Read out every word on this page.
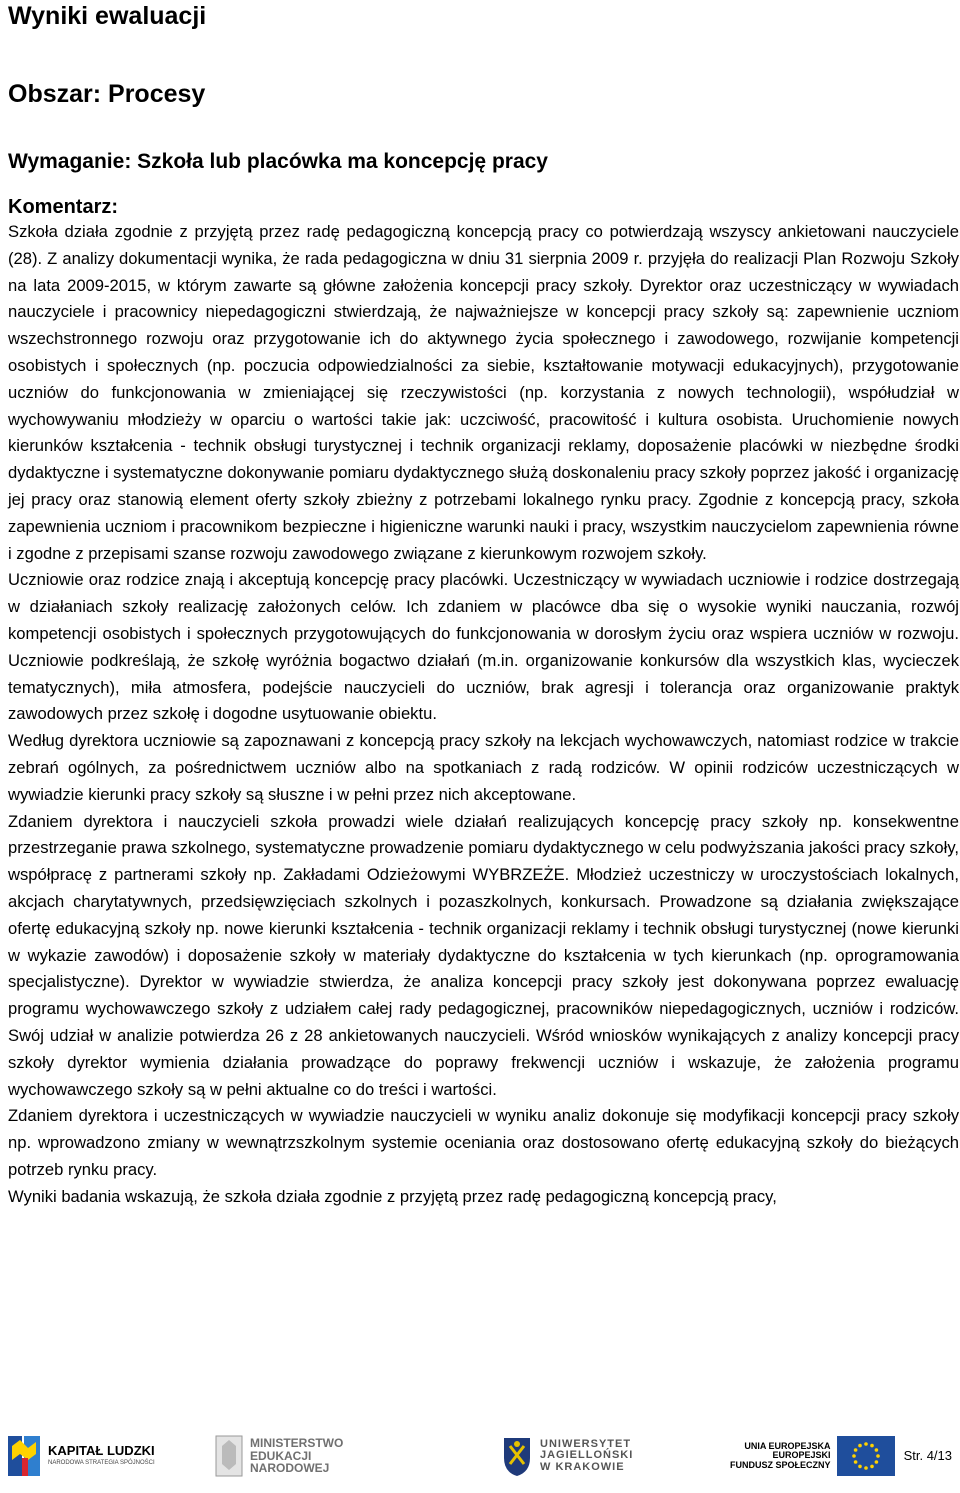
Wyniki ewaluacji
Obszar: Procesy
Wymaganie: Szkoła lub placówka ma koncepcję pracy
Komentarz:

Szkoła działa zgodnie z przyjętą przez radę pedagogiczną koncepcją pracy co potwierdzają wszyscy ankietowani nauczyciele (28). Z analizy dokumentacji wynika, że rada pedagogiczna w dniu 31 sierpnia 2009 r. przyjęła do realizacji Plan Rozwoju Szkoły na lata 2009-2015, w którym zawarte są główne założenia koncepcji pracy szkoły. Dyrektor oraz uczestniczący w wywiadach nauczyciele i pracownicy niepedagogiczni stwierdzają, że najważniejsze w koncepcji pracy szkoły są: zapewnienie uczniom wszechstronnego rozwoju oraz przygotowanie ich do aktywnego życia społecznego i zawodowego, rozwijanie kompetencji osobistych i społecznych (np. poczucia odpowiedzialności za siebie, kształtowanie motywacji edukacyjnych), przygotowanie uczniów do funkcjonowania w zmieniającej się rzeczywistości (np. korzystania z nowych technologii), współudział w wychowywaniu młodzieży w oparciu o wartości takie jak: uczciwość, pracowitość i kultura osobista. Uruchomienie nowych kierunków kształcenia - technik obsługi turystycznej i technik organizacji reklamy, doposażenie placówki w niezbędne środki dydaktyczne i systematyczne dokonywanie pomiaru dydaktycznego służą doskonaleniu pracy szkoły poprzez jakość i organizację jej pracy oraz stanowią element oferty szkoły zbieżny z potrzebami lokalnego rynku pracy. Zgodnie z koncepcją pracy, szkoła zapewnienia uczniom i pracownikom bezpieczne i higieniczne warunki nauki i pracy, wszystkim nauczycielom zapewnienia równe i zgodne z przepisami szanse rozwoju zawodowego związane z kierunkowym rozwojem szkoły.

Uczniowie oraz rodzice znają i akceptują koncepcję pracy placówki. Uczestniczący w wywiadach uczniowie i rodzice dostrzegają w działaniach szkoły realizację założonych celów. Ich zdaniem w placówce dba się o wysokie wyniki nauczania, rozwój kompetencji osobistych i społecznych przygotowujących do funkcjonowania w dorosłym życiu oraz wspiera uczniów w rozwoju. Uczniowie podkreślają, że szkołę wyróżnia bogactwo działań (m.in. organizowanie konkursów dla wszystkich klas, wycieczek tematycznych), miła atmosfera, podejście nauczycieli do uczniów, brak agresji i tolerancja oraz organizowanie praktyk zawodowych przez szkołę i dogodne usytuowanie obiektu.

Według dyrektora uczniowie są zapoznawani z koncepcją pracy szkoły na lekcjach wychowawczych, natomiast rodzice w trakcie zebrań ogólnych, za pośrednictwem uczniów albo na spotkaniach z radą rodziców. W opinii rodziców uczestniczących w wywiadzie kierunki pracy szkoły są słuszne i w pełni przez nich akceptowane.

Zdaniem dyrektora i nauczycieli szkoła prowadzi wiele działań realizujących koncepcję pracy szkoły np. konsekwentne przestrzeganie prawa szkolnego, systematyczne prowadzenie pomiaru dydaktycznego w celu podwyższania jakości pracy szkoły, współpracę z partnerami szkoły np. Zakładami Odzieżowymi WYBRZEŻE. Młodzież uczestniczy w uroczystościach lokalnych, akcjach charytatywnych, przedsięwzięciach szkolnych i pozaszkolnych, konkursach. Prowadzone są działania zwiększające ofertę edukacyjną szkoły np. nowe kierunki kształcenia - technik organizacji reklamy i technik obsługi turystycznej (nowe kierunki w wykazie zawodów) i doposażenie szkoły w materiały dydaktyczne do kształcenia w tych kierunkach (np. oprogramowania specjalistyczne). Dyrektor w wywiadzie stwierdza, że analiza koncepcji pracy szkoły jest dokonywana poprzez ewaluację programu wychowawczego szkoły z udziałem całej rady pedagogicznej, pracowników niepedagogicznych, uczniów i rodziców. Swój udział w analizie potwierdza 26 z 28 ankietowanych nauczycieli. Wśród wniosków wynikających z analizy koncepcji pracy szkoły dyrektor wymienia działania prowadzące do poprawy frekwencji uczniów i wskazuje, że założenia programu wychowawczego szkoły są w pełni aktualne co do treści i wartości.

Zdaniem dyrektora i uczestniczących w wywiadzie nauczycieli w wyniku analiz dokonuje się modyfikacji koncepcji pracy szkoły np. wprowadzono zmiany w wewnątrzszkolnym systemie oceniania oraz dostosowano ofertę edukacyjną szkoły do bieżących potrzeb rynku pracy.

Wyniki badania wskazują, że szkoła działa zgodnie z przyjętą przez radę pedagogiczną koncepcją pracy,

KAPITAŁ LUDZKI
NARODOWA STRATEGIA SPÓJNOŚCI
MINISTERSTWO
EDUKACJI
NARODOWEJ
UNIWERSYTET
JAGIELLOŃSKI
W KRAKOWIE
UNIA EUROPEJSKA
EUROPEJSKI
FUNDUSZ SPOŁECZNY
Str. 4/13
